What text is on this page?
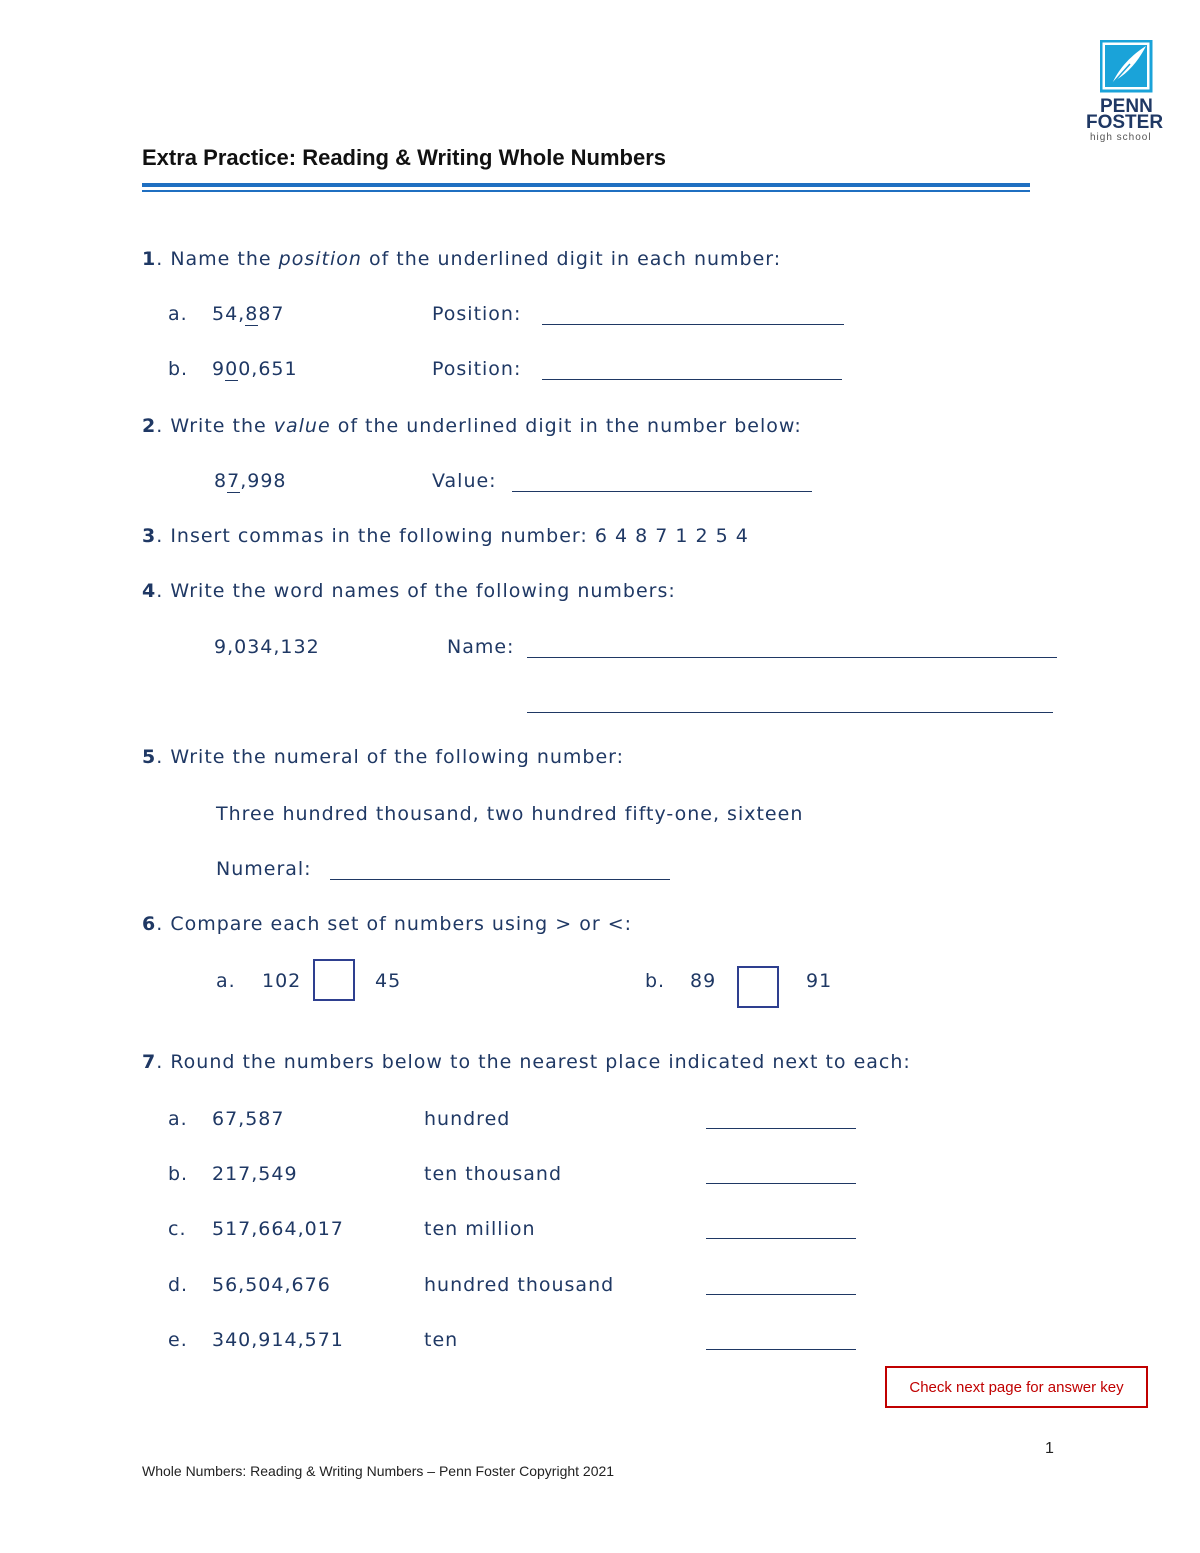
PENN
FOSTER
high school
Extra Practice: Reading & Writing Whole Numbers
1. Name the position of the underlined digit in each number:
a. 54,887	Position:
b. 900,651	Position:
2. Write the value of the underlined digit in the number below:
87,998	Value:
3. Insert commas in the following number: 6 4 8 7 1 2 5 4
4. Write the word names of the following numbers:
9,034,132	Name:
5. Write the numeral of the following number:
Three hundred thousand, two hundred fifty-one, sixteen
Numeral:
6. Compare each set of numbers using > or <:
a. 102	45	b. 89	91
7. Round the numbers below to the nearest place indicated next to each:
a. 67,587	hundred
b. 217,549	ten thousand
c. 517,664,017	ten million
d. 56,504,676	hundred thousand
e. 340,914,571	ten
Check next page for answer key
1
Whole Numbers: Reading & Writing Numbers – Penn Foster Copyright 2021
